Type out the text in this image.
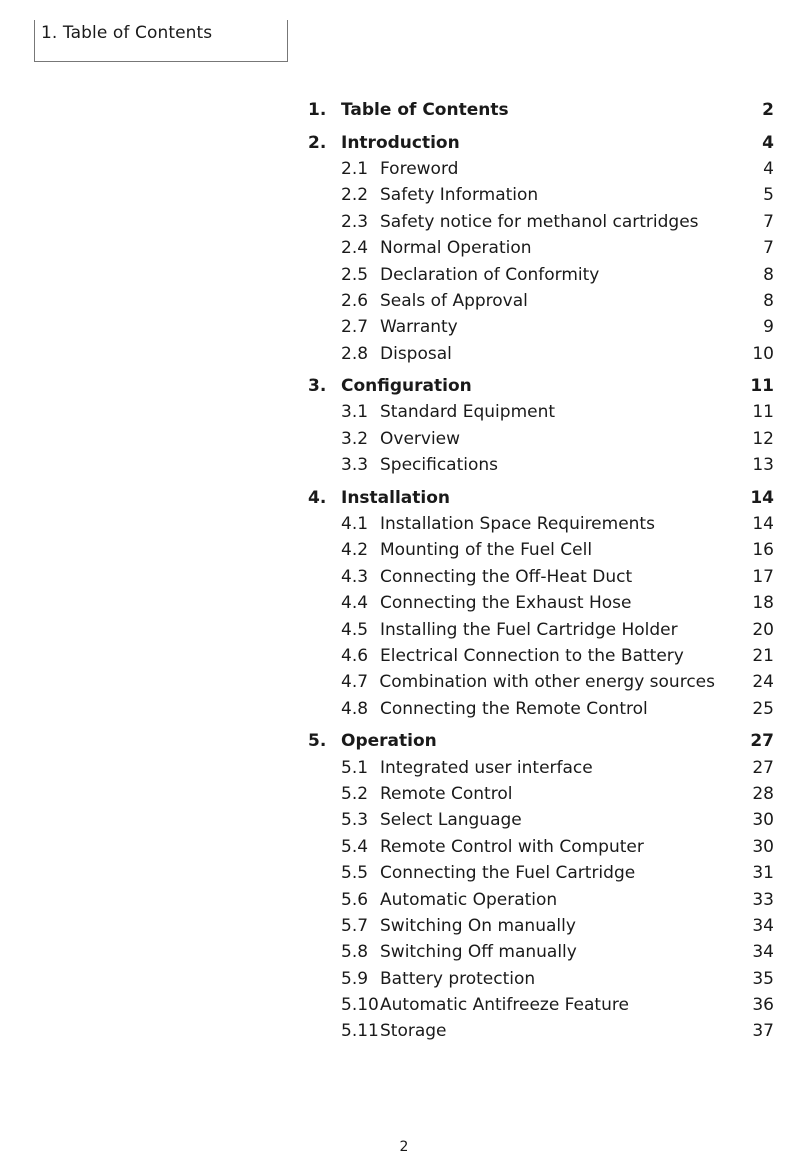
1. Table of Contents
1. Table of Contents	2
2. Introduction	4
2.1 Foreword	4
2.2 Safety Information	5
2.3 Safety notice for methanol cartridges	7
2.4 Normal Operation	7
2.5 Declaration of Conformity	8
2.6 Seals of Approval	8
2.7 Warranty	9
2.8 Disposal	10
3. Configuration	11
3.1 Standard Equipment	11
3.2 Overview	12
3.3 Specifications	13
4. Installation	14
4.1 Installation Space Requirements	14
4.2 Mounting of the Fuel Cell	16
4.3 Connecting the Off-Heat Duct	17
4.4 Connecting the Exhaust Hose	18
4.5 Installing the Fuel Cartridge Holder	20
4.6 Electrical Connection to the Battery	21
4.7 Combination with other energy sources	24
4.8 Connecting the Remote Control	25
5. Operation	27
5.1 Integrated user interface	27
5.2 Remote Control	28
5.3 Select Language	30
5.4 Remote Control with Computer	30
5.5 Connecting the Fuel Cartridge	31
5.6 Automatic Operation	33
5.7 Switching On manually	34
5.8 Switching Off manually	34
5.9 Battery protection	35
5.10 Automatic Antifreeze Feature	36
5.11 Storage	37
2
